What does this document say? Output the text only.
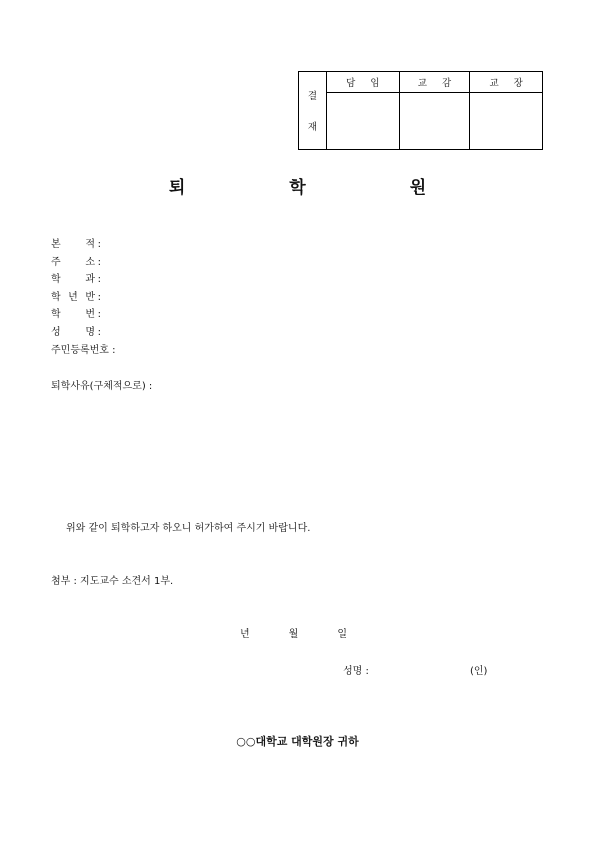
결
재
담 임	교 감	교 장
퇴	학	원
본 적 :
주 소 :
학 과 :
학 년 반 :
학 번 :
성 명 :
주민등록번호 :
퇴학사유(구체적으로) :
위와 같이 퇴학하고자 하오니 허가하여 주시기 바랍니다.
첨부 : 지도교수 소견서 1부.
년	월	일
성명 :	(인)
○○대학교 대학원장 귀하
